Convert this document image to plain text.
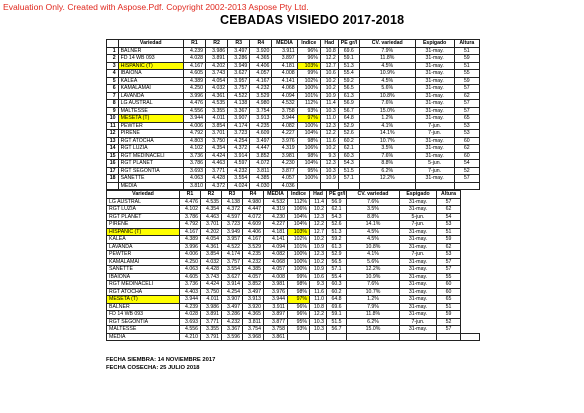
Evaluation Only. Created with Aspose.Pdf. Copyright 2002-2013 Aspose Pty Ltd.
CEBADAS VISIEDO 2017-2018
	Variedad	R1	R2	R3	R4	MEDIA	Indice	Had	PE gr/l	CV. variedad	Espigado	Altura
1	BALNER	4.239	3.986	3.497	3.920	3.911	96%	10.8	69.6	7.9%	31-may.	51
2	FD 14 WB 093	4.028	3.891	3.286	4.365	3.897	96%	12.2	59.1	11.8%	31-may.	59
3	HISPANIC (T)	4.167	4.202	3.949	4.406	4.181	103%	12.7	51.3	4.5%	31-may.	51
4	IBAIONA	4.605	3.743	3.627	4.057	4.008	99%	10.6	55.4	10.9%	31-may.	55
5	KALEA	4.389	4.054	3.957	4.167	4.141	102%	10.2	59.2	4.5%	31-may.	59
6	KAMALAMAI	4.250	4.032	3.757	4.232	4.068	100%	10.2	56.5	5.6%	31-may.	57
7	LAVANDA	3.996	4.361	4.522	3.529	4.094	101%	10.9	61.3	10.8%	31-may.	62
8	LG AUSTRAL	4.476	4.535	4.138	4.980	4.532	112%	11.4	56.9	7.6%	31-may.	57
9	MALTESSE	4.556	3.355	3.367	3.754	3.758	93%	10.3	56.7	15.0%	31-may.	57
10	MESETA (T)	3.944	4.011	3.907	3.913	3.944	97%	11.0	64.8	1.2%	31-may.	65
11	PEWTER	4.006	3.854	4.174	4.235	4.082	100%	12.3	52.9	4.1%	7-jun.	53
12	PIRENE	4.792	3.701	3.723	4.609	4.227	104%	12.2	52.6	14.1%	7-jun.	53
13	RGT ATOCHA	4.803	3.750	4.254	3.497	3.976	98%	11.6	60.2	10.7%	31-may.	60
14	RGT LUZIA	4.102	4.354	4.372	4.447	4.319	106%	10.2	62.1	3.5%	31-may.	62
15	RGT MEDINACELI	3.736	4.424	3.914	3.852	3.981	98%	9.3	60.3	7.6%	31-may.	60
16	RGT PLANET	3.786	4.463	4.597	4.072	4.230	104%	12.3	54.3	8.8%	5-jun.	54
17	RGT SEGONTIA	3.693	3.771	4.232	3.811	3.877	95%	10.3	51.5	6.2%	7-jun.	52
18	SANETTE	4.063	4.428	3.554	4.385	4.057	100%	10.9	57.1	12.2%	31-may.	57
	MEDIA	3.810	4.372	4.024	4.030	4.036						
Variedad	R1	R2	R3	R4	MEDIA	Indice	Had	PE gr/l	CV. variedad	Espigado	Altura	
LG AUSTRAL	4.476	4.535	4.138	4.980	4.532	112%	11.4	56.9	7.6%	31-may.	57	
RGT LUZIA	4.102	4.354	4.372	4.447	4.319	106%	10.2	62.1	3.5%	31-may.	62	
RGT PLANET	3.786	4.463	4.597	4.072	4.230	104%	12.3	54.3	8.8%	5-jun.	54	
PIRENE	4.792	3.701	3.723	4.609	4.227	104%	12.2	52.6	14.1%	7-jun.	53	
HISPANIC (T)	4.167	4.202	3.949	4.406	4.181	103%	12.7	51.3	4.5%	31-may.	51	
KALEA	4.389	4.054	3.957	4.167	4.141	102%	10.2	59.2	4.5%	31-may.	59	
LAVANDA	3.996	4.361	4.522	3.529	4.094	101%	10.9	61.3	10.8%	31-may.	62	
PEWTER	4.006	3.854	4.174	4.235	4.082	100%	12.3	52.9	4.1%	7-jun.	53	
KAMALAMAI	4.250	4.032	3.757	4.232	4.068	100%	10.2	56.5	5.6%	31-may.	57	
SANETTE	4.063	4.428	3.554	4.385	4.057	100%	10.9	57.1	12.2%	31-may.	57	
IBAIONA	4.605	3.743	3.627	4.057	4.008	99%	10.6	55.4	10.9%	31-may.	55	
RGT MEDINACELI	3.736	4.424	3.914	3.852	3.981	98%	9.3	60.3	7.6%	31-may.	60	
RGT ATOCHA	4.403	3.750	4.254	3.497	3.976	98%	11.6	60.2	10.7%	31-may.	60	
MESETA (T)	3.944	4.011	3.907	3.913	3.944	97%	11.0	64.8	1.2%	31-may.	65	
BALNER	4.239	3.986	3.497	3.920	3.911	96%	10.8	69.6	7.9%	31-may.	51	
FD 14 WB 093	4.028	3.891	3.286	4.365	3.897	96%	12.2	59.1	11.8%	31-may.	59	
RGT SEGONTIA	3.693	3.771	4.232	3.811	3.877	95%	10.3	51.5	6.2%	7-jun.	52	
MALTESSE	4.556	3.355	3.367	3.754	3.758	93%	10.3	56.7	15.0%	31-may.	57	
MEDIA	4.210	3.791	3.596	3.968	3.861							
FECHA SIEMBRA: 14 NOVIEMBRE 2017
FECHA COSECHA: 25 JULIO 2018
